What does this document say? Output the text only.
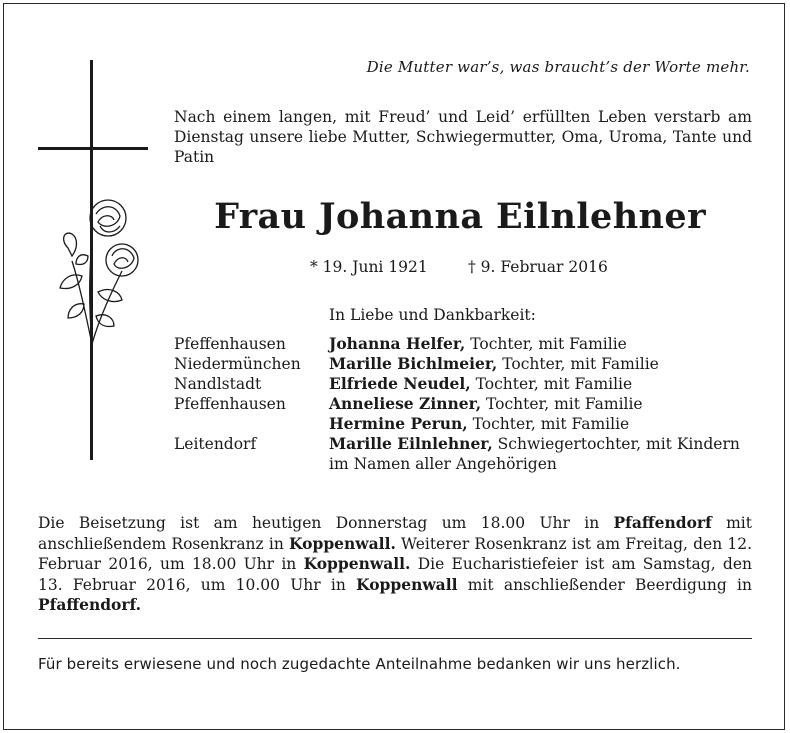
Die Mutter war’s, was braucht’s der Worte mehr.
Nach einem langen, mit Freud’ und Leid’ erfüllten Leben verstarb am Dienstag unsere liebe Mutter, Schwiegermutter, Oma, Uroma, Tante und Patin
Frau Johanna Eilnlehner
* 19. Juni 1921	† 9. Februar 2016
In Liebe und Dankbarkeit:
Pfeffenhausen	Johanna Helfer, Tochter, mit Familie
Niedermünchen	Marille Bichlmeier, Tochter, mit Familie
Nandlstadt	Elfriede Neudel, Tochter, mit Familie
Pfeffenhausen	Anneliese Zinner, Tochter, mit Familie
	Hermine Perun, Tochter, mit Familie
Leitendorf	Marille Eilnlehner, Schwiegertochter, mit Kindern
	im Namen aller Angehörigen
Die Beisetzung ist am heutigen Donnerstag um 18.00 Uhr in Pfaffendorf mit anschließendem Rosenkranz in Koppenwall. Weiterer Rosenkranz ist am Freitag, den 12. Februar 2016, um 18.00 Uhr in Koppenwall. Die Eucharistiefeier ist am Samstag, den 13. Februar 2016, um 10.00 Uhr in Koppenwall mit anschließender Beerdigung in Pfaffendorf.
Für bereits erwiesene und noch zugedachte Anteilnahme bedanken wir uns herzlich.
